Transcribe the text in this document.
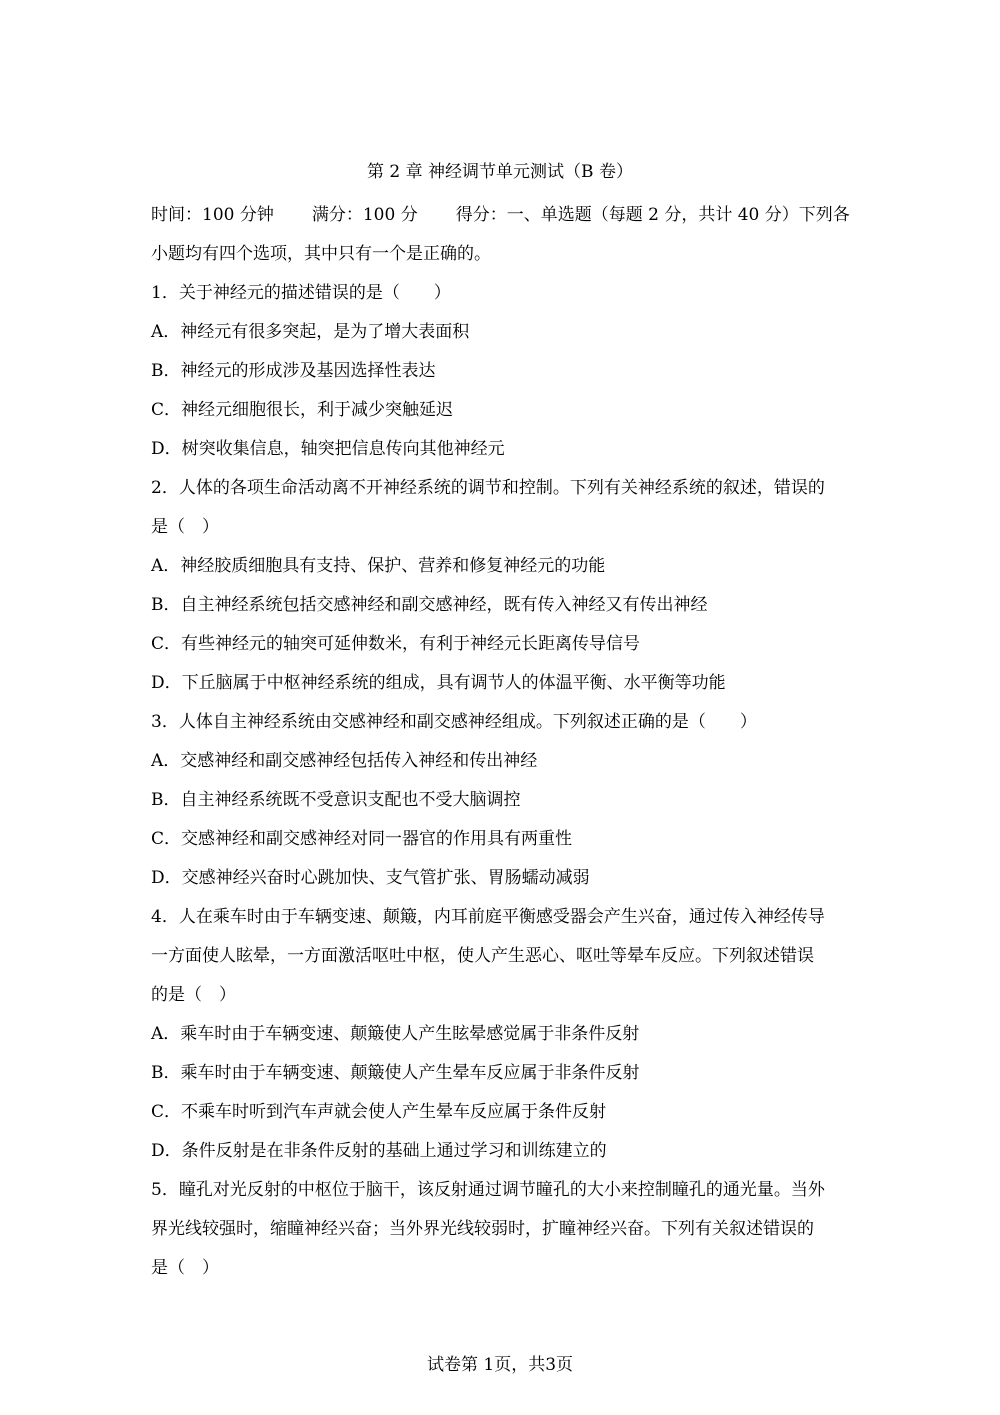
第 2 章 神经调节单元测试（B 卷）
时间：100 分钟 满分：100 分 得分：一、单选题（每题 2 分，共计 40 分）下列各
小题均有四个选项，其中只有一个是正确的。
1．关于神经元的描述错误的是（　　）
A．神经元有很多突起，是为了增大表面积
B．神经元的形成涉及基因选择性表达
C．神经元细胞很长，利于减少突触延迟
D．树突收集信息，轴突把信息传向其他神经元
2．人体的各项生命活动离不开神经系统的调节和控制。下列有关神经系统的叙述，错误的
是（　）
A．神经胶质细胞具有支持、保护、营养和修复神经元的功能
B．自主神经系统包括交感神经和副交感神经，既有传入神经又有传出神经
C．有些神经元的轴突可延伸数米，有利于神经元长距离传导信号
D．下丘脑属于中枢神经系统的组成，具有调节人的体温平衡、水平衡等功能
3．人体自主神经系统由交感神经和副交感神经组成。下列叙述正确的是（　　）
A．交感神经和副交感神经包括传入神经和传出神经
B．自主神经系统既不受意识支配也不受大脑调控
C．交感神经和副交感神经对同一器官的作用具有两重性
D．交感神经兴奋时心跳加快、支气管扩张、胃肠蠕动减弱
4．人在乘车时由于车辆变速、颠簸，内耳前庭平衡感受器会产生兴奋，通过传入神经传导
一方面使人眩晕，一方面激活呕吐中枢，使人产生恶心、呕吐等晕车反应。下列叙述错误
的是（　）
A．乘车时由于车辆变速、颠簸使人产生眩晕感觉属于非条件反射
B．乘车时由于车辆变速、颠簸使人产生晕车反应属于非条件反射
C．不乘车时听到汽车声就会使人产生晕车反应属于条件反射
D．条件反射是在非条件反射的基础上通过学习和训练建立的
5．瞳孔对光反射的中枢位于脑干，该反射通过调节瞳孔的大小来控制瞳孔的通光量。当外
界光线较强时，缩瞳神经兴奋；当外界光线较弱时，扩瞳神经兴奋。下列有关叙述错误的
是（　）
试卷第 1页，共3页
